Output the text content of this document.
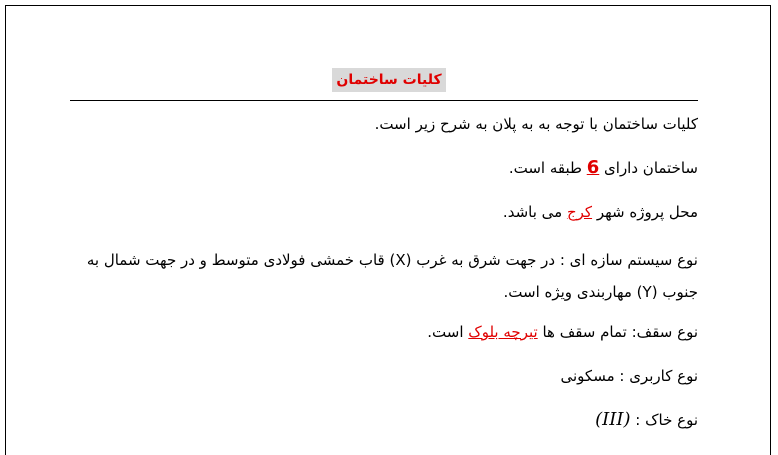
کلیات ساختمان

کلیات ساختمان با توجه به به پلان به شرح زیر است.

ساختمان دارای 6 طبقه است.

محل پروژه شهر کرج می باشد.

نوع سیستم سازه ای : در جهت شرق به غرب (X) قاب خمشی فولادی متوسط و در جهت شمال به جنوب (Y) مهاربندی ویژه است.

نوع سقف: تمام سقف ها تیرچه بلوک است.

نوع کاربری : مسکونی

نوع خاک : (III)
